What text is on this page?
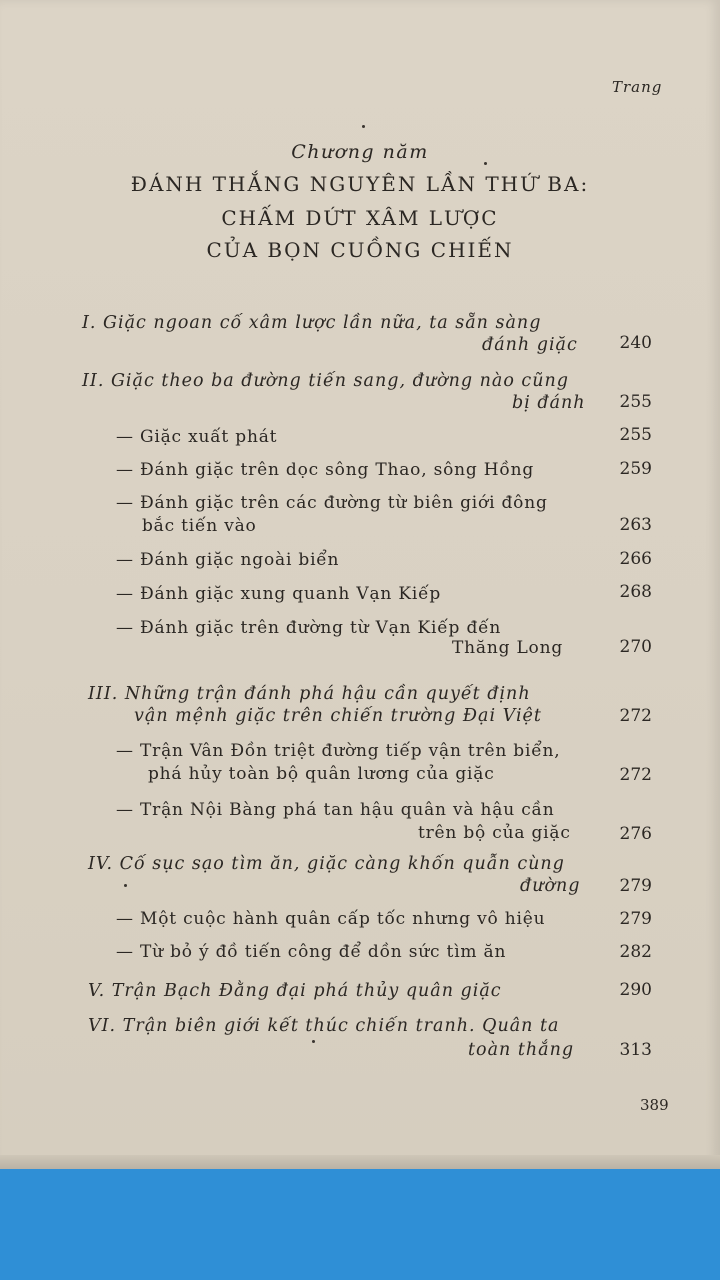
Trang
Chương năm
ĐÁNH THẮNG NGUYÊN LẦN THỨ BA:
CHẤM DỨT XÂM LƯỢC
CỦA BỌN CUỒNG CHIẾN
I. Giặc ngoan cố xâm lược lần nữa, ta sẵn sàng
đánh giặc	240
II. Giặc theo ba đường tiến sang, đường nào cũng
bị đánh	255
— Giặc xuất phát	255
— Đánh giặc trên dọc sông Thao, sông Hồng	259
— Đánh giặc trên các đường từ biên giới đông
bắc tiến vào	263
— Đánh giặc ngoài biển	266
— Đánh giặc xung quanh Vạn Kiếp	268
— Đánh giặc trên đường từ Vạn Kiếp đến
Thăng Long	270
III. Những trận đánh phá hậu cần quyết định
vận mệnh giặc trên chiến trường Đại Việt	272
— Trận Vân Đồn triệt đường tiếp vận trên biển,
phá hủy toàn bộ quân lương của giặc	272
— Trận Nội Bàng phá tan hậu quân và hậu cần
trên bộ của giặc	276
IV. Cố sục sạo tìm ăn, giặc càng khốn quẫn cùng
đường	279
— Một cuộc hành quân cấp tốc nhưng vô hiệu	279
— Từ bỏ ý đồ tiến công để dồn sức tìm ăn	282
V. Trận Bạch Đằng đại phá thủy quân giặc	290
VI. Trận biên giới kết thúc chiến tranh. Quân ta
toàn thắng	313
389
